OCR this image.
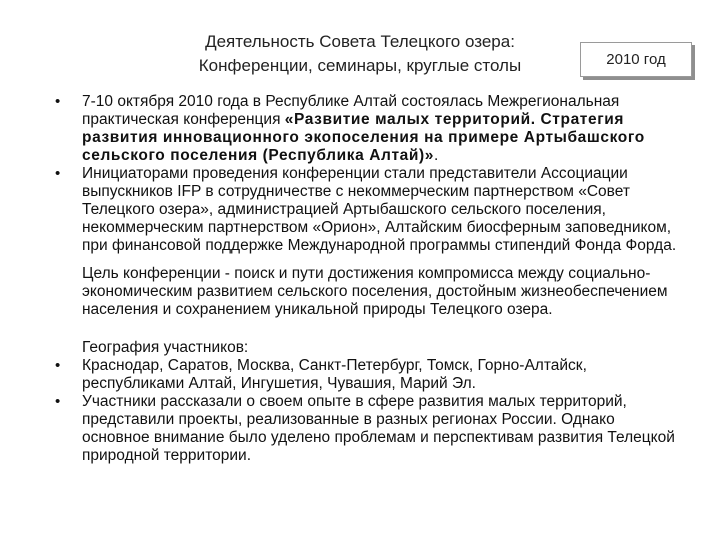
Деятельность Совета Телецкого озера:
Конференции, семинары, круглые столы	2010 год

• 7-10 октября 2010 года в Республике Алтай состоялась Межрегиональная практическая конференция «Развитие малых территорий. Стратегия развития инновационного экопоселения на примере Артыбашского сельского поселения (Республика Алтай)».

• Инициаторами проведения конференции стали представители Ассоциации выпускников IFP в сотрудничестве с некоммерческим партнерством «Совет Телецкого озера», администрацией Артыбашского сельского поселения, некоммерческим партнерством «Орион», Алтайским биосферным заповедником, при финансовой поддержке Международной программы стипендий Фонда Форда.

Цель конференции - поиск и пути достижения компромисса между социально-экономическим развитием сельского поселения, достойным жизнеобеспечением населения и сохранением уникальной природы Телецкого озера.

География участников:

• Краснодар, Саратов, Москва, Санкт-Петербург, Томск, Горно-Алтайск, республиками Алтай, Ингушетия, Чувашия, Марий Эл.

• Участники рассказали о своем опыте в сфере развития малых территорий, представили проекты, реализованные в разных регионах России. Однако основное внимание было уделено проблемам и перспективам развития Телецкой природной территории.
